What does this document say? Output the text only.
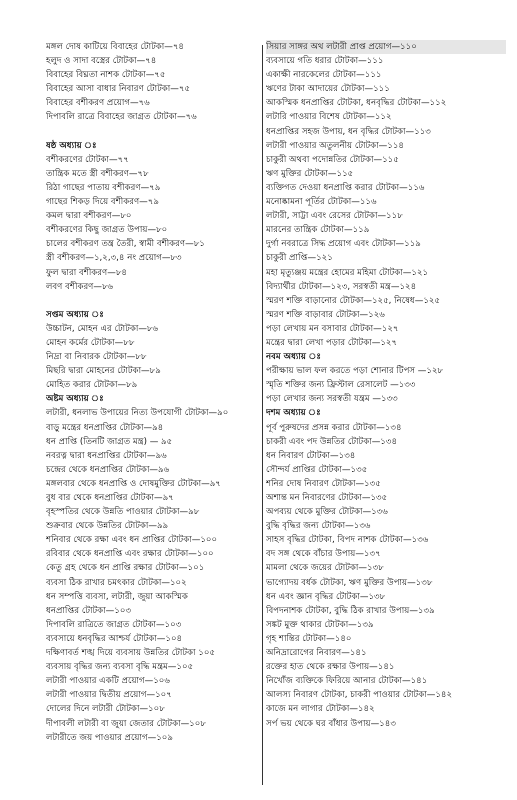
মঙ্গল দোষ কাটিয়ে বিবাহের টোটকা—৭৪
হলুদ ও সাদা বস্ত্রের টোটকা—৭৪
বিবাহের বিঘ্নতা নাশক টোটকা—৭৫
বিবাহের আসা বাধার নিবারণ টোটকা—৭৫
বিবাহের বশীকরণ প্রয়োগ—৭৬
দিপাবলি রাত্রে বিবাহের জাগ্রত টোটকা—৭৬
ষষ্ঠ অধ্যায় ঃ
বশীকরণের টোটকা—৭৭
তান্ত্রিক মতে স্ত্রী বশীকরণ—৭৮
রিঠা গাছের পাতায় বশীকরণ—৭৯
গাছের শিকড় দিয়ে বশীকরণ—৭৯
কমল দ্বারা বশীকরণ—৮০
বশীকরণের কিছু জাগ্রত উপায়—৮০
চালের বশীকরণ তন্ত্র তৈরী, স্বামী বশীকরণ—৮১
স্ত্রী বশীকরণ—১,২,৩,৪ নং প্রয়োগ—৮৩
ফুল দ্বারা বশীকরণ—৮৪
লবণ বশীকরণ—৮৬
সপ্তম অধ্যায় ঃ
উচ্চাটন, মোহন এর টোটকা—৮৬
মোহন কর্মের টোটকা—৮৮
নিদ্রা বা নিবারক টোটকা—৮৮
মিছরি দ্বারা মোহনের টোটকা—৮৯
মোহিত করার টোটকা—৮৯
অষ্টম অধ্যায় ঃ
লটারী, ধনলাভ উপায়ের নিত্য উপযোগী টোটকা—৯০
বাড়ু মন্ত্রের ধনপ্রাপ্তির টোটকা—৯৪
ধন প্রাপ্তি (তিনটি জাগ্রত মন্ত্র) — ৯৫
নবরত্ন দ্বারা ধনপ্রাপ্তির টোটকা—৯৬
চন্দ্রের থেকে ধনপ্রাপ্তির টোটকা—৯৬
মঙ্গলবার থেকে ধনপ্রাপ্তি ও দোষমুক্তির টোটকা—৯৭
বুধ বার থেকে ধনপ্রাপ্তির টোটকা—৯৭
বৃহস্পতির থেকে উন্নতি পাওয়ার টোটকা—৯৮
শুক্রবার থেকে উন্নতির টোটকা—৯৯
শনিবার থেকে রক্ষা এবং ধন প্রাপ্তির টোটকা—১০০
রবিবার থেকে ধনপ্রাপ্তি এবং রক্ষার টোটকা—১০০
কেতু গ্রহ থেকে ধন প্রাপ্তি রক্ষার টোটকা—১০১
ব্যবসা ঠিক রাখার চমৎকার টোটকা—১০২
ধন সম্পত্তি ব্যবসা, লটারী, জুয়া আকস্মিক
ধনপ্রাপ্তির টোটকা—১০৩
দিপাবলি রাত্রিতে জাগ্রত টোটকা—১০৩
ব্যবসায়ে ধনবৃদ্ধির আশ্চর্য টোটকা—১০৪
দক্ষিণাবর্ত শঙ্খ দিয়ে ব্যবসায় উন্নতির টোটকা ১০৫
ব্যবসায় বৃদ্ধির জন্য ব্যবসা বৃদ্ধি মন্ত্রম—১০৫
লটারী পাওয়ার একটি প্রয়োগ—১০৬
লটারী পাওয়ার দ্বিতীয় প্রয়োগ—১০৭
দোলের দিনে লটারী টোটকা—১০৮
দীপাবলী লটারী বা জুয়া জেতার টোটকা—১০৮
লটারীতে জয় পাওয়ার প্রয়োগ—১০৯
সিয়ার সাঙ্গর অথ লটারী প্রাপ্ত প্রয়োগ—১১০
ব্যবসায়ে গতি ধরার টোটকা—১১১
একাক্ষী নারকেলের টোটকা—১১১
ঋণের টাকা আদায়ের টোটকা—১১১
আকস্মিক ধনপ্রাপ্তির টোটকা, ধনবৃদ্ধির টোটকা—১১২
লটারি পাওয়ার বিশেষ টোটকা—১১২
ধনপ্রাপ্তির সহজ উপায়, ধন বৃদ্ধির টোটকা—১১৩
লটারী পাওয়ার অতুলনীয় টোটকা—১১৪
চাকুরী অথবা পদোন্নতির টোটকা—১১৫
ঋণ মুক্তির টোটকা—১১৫
ব্যক্তিগত দেওয়া ধনপ্রাপ্তি করার টোটকা—১১৬
মনোষ্কামনা পূর্তির টোটকা—১১৬
লটারী, সাট্টা এবং রেসের টোটকা—১১৮
মারনের তান্ত্রিক টোটকা—১১৯
দুর্গা নবরাত্রে সিদ্ধ প্রয়োগ এবং টোটকা—১১৯
চাকুরী প্রাপ্তি—১২১
মহা মৃত্যুঞ্জয় মন্ত্রের হোমের মহিমা টোটকা—১২১
বিদ্যার্থীর টোটকা—১২৩, সরস্বতী মন্ত্র—১২৪
স্মরণ শক্তি বাড়ানোর টোটকা—১২৫, নিষেধ—১২৫
স্মরণ শক্তি বাড়াবার টোটকা—১২৬
পড়া লেখায় মন বসাবার টোটকা—১২৭
মন্ত্রের দ্বারা লেখা পড়ার টোটকা—১২৭
নবম অধ্যায় ঃ
পরীক্ষায় ভাল ফল করতে পড়া শোনার টিপস —১২৮
স্মৃতি শক্তির জন্য ফ্রিস্টাল রেসালেট —১৩৩
পড়া লেখার জন্য সরস্বতী যন্ত্রম —১৩৩
দশম অধ্যায় ঃ
পূর্ব পুরুষদের প্রসন্ন করার টোটকা—১৩৪
চাকরী এবং পদ উন্নতির টোটকা—১৩৪
ধন নিবারণ টোটকা—১৩৪
সৌন্দর্য প্রাপ্তির টোটকা—১৩৫
শনির দোষ নিবারণ টোটকা—১৩৫
অশান্ত মন নিবারণের টোটকা—১৩৫
অপব্যয় থেকে মুক্তির টোটকা—১৩৬
বুদ্ধি বৃদ্ধির জন্য টোটকা—১৩৬
সাহস বৃদ্ধির টোটকা, বিপদ নাশক টোটকা—১৩৬
বদ সঙ্গ থেকে বাঁচার উপায়—১৩৭
মামলা থেকে জয়ের টোটকা—১৩৮
ভাগ্যোদয় বর্ধক টোটকা, ঋণ মুক্তির উপায়—১৩৮
ধন এবং জ্ঞান বৃদ্ধির টোটকা—১৩৮
বিপদনাশক টোটকা, বুদ্ধি ঠিক রাখার উপায়—১৩৯
সঙ্কট মুক্ত থাকার টোটকা—১৩৯
গৃহ শান্তির টোটকা—১৪০
অনিদ্রারোগের নিবারণ—১৪১
রক্তের হাত থেকে রক্ষার উপায়—১৪১
নিখোঁজ ব্যক্তিকে ফিরিয়ে আনার টোটকা—১৪১
আলস্য নিবারণ টোটকা, চাকরী পাওয়ার টোটকা—১৪২
কাজে মন লাগার টোটকা—১৪২
সর্প ভয় থেকে ঘর বাঁধার উপায়—১৪৩
